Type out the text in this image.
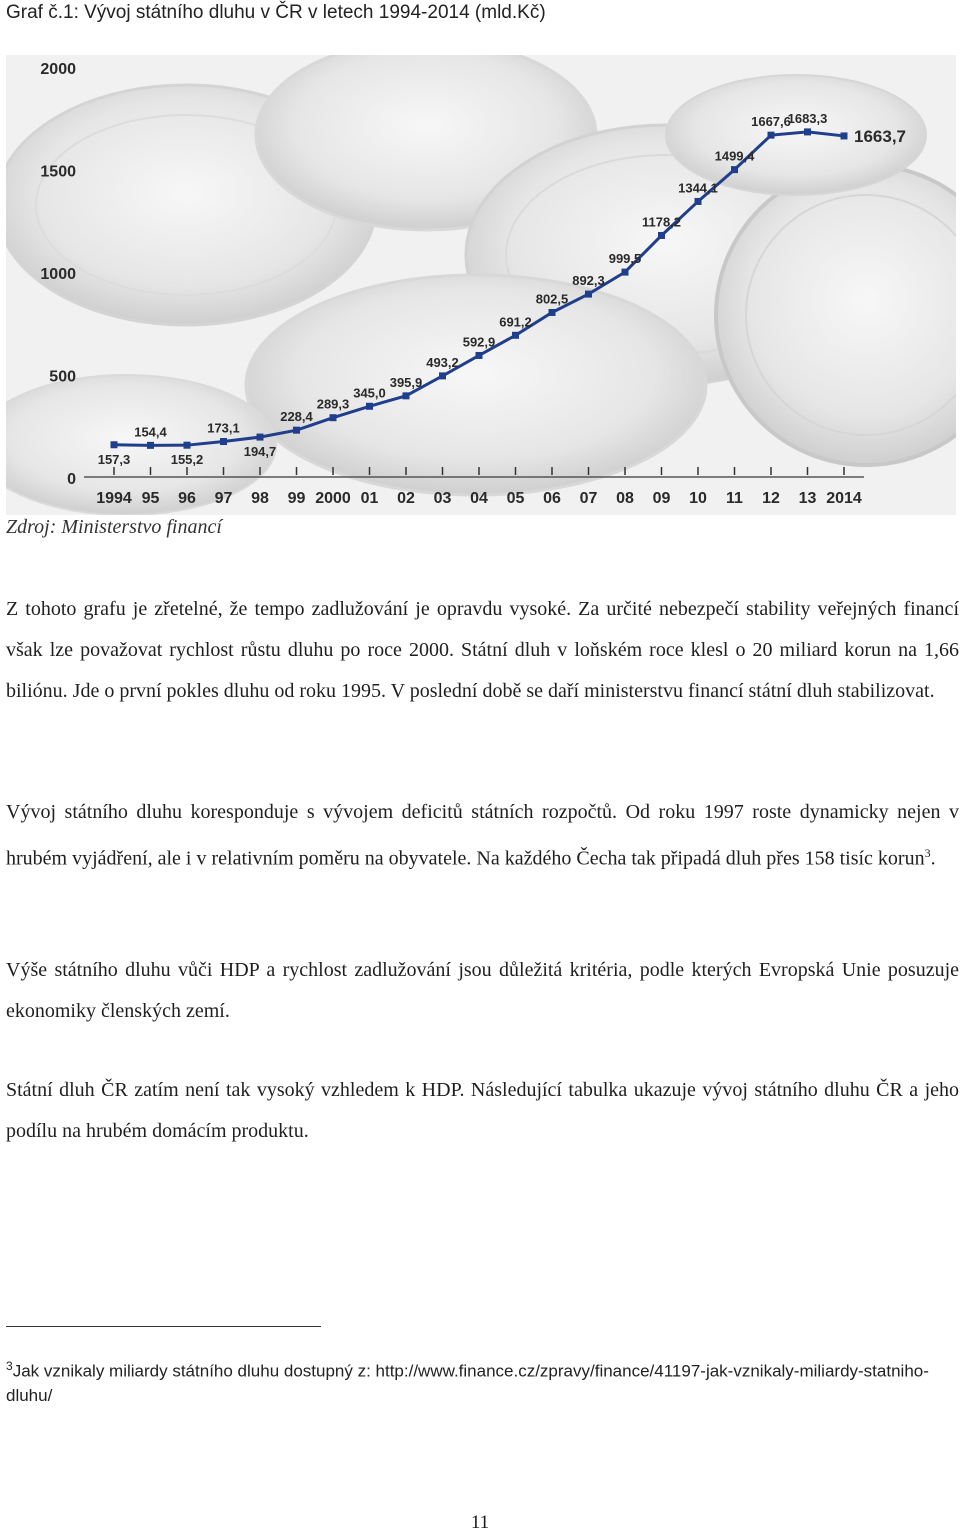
Graf č.1: Vývoj státního dluhu v ČR v letech 1994-2014 (mld.Kč)
0
500
1000
1500
2000
1994 95 96 97 98 99 2000 01 02 03 04 05 06 07 08 09 10 11 12 13 2014
157,3
154,4
155,2
173,1
194,7
228,4
289,3
345,0
395,9
493,2
592,9
691,2
802,5
892,3
999,5
1178,2
1344,1
1499,4
1667,6
1683,3
1663,7
Zdroj: Ministerstvo financí
Z tohoto grafu je zřetelné, že tempo zadlužování je opravdu vysoké. Za určité nebezpečí stability veřejných financí však lze považovat rychlost růstu dluhu po roce 2000. Státní dluh v loňském roce klesl o 20 miliard korun na 1,66 biliónu. Jde o první pokles dluhu od roku 1995. V poslední době se daří ministerstvu financí státní dluh stabilizovat.
Vývoj státního dluhu koresponduje s vývojem deficitů státních rozpočtů. Od roku 1997 roste dynamicky nejen v hrubém vyjádření, ale i v relativním poměru na obyvatele. Na každého Čecha tak připadá dluh přes 158 tisíc korun$^3$.
Výše státního dluhu vůči HDP a rychlost zadlužování jsou důležitá kritéria, podle kterých Evropská Unie posuzuje ekonomiky členských zemí.
Státní dluh ČR zatím není tak vysoký vzhledem k HDP. Následující tabulka ukazuje vývoj státního dluhu ČR a jeho podílu na hrubém domácím produktu.
$^3$Jak vznikaly miliardy státního dluhu dostupný z: http://www.finance.cz/zpravy/finance/41197-jak-vznikaly-miliardy-statniho-dluhu/
11
